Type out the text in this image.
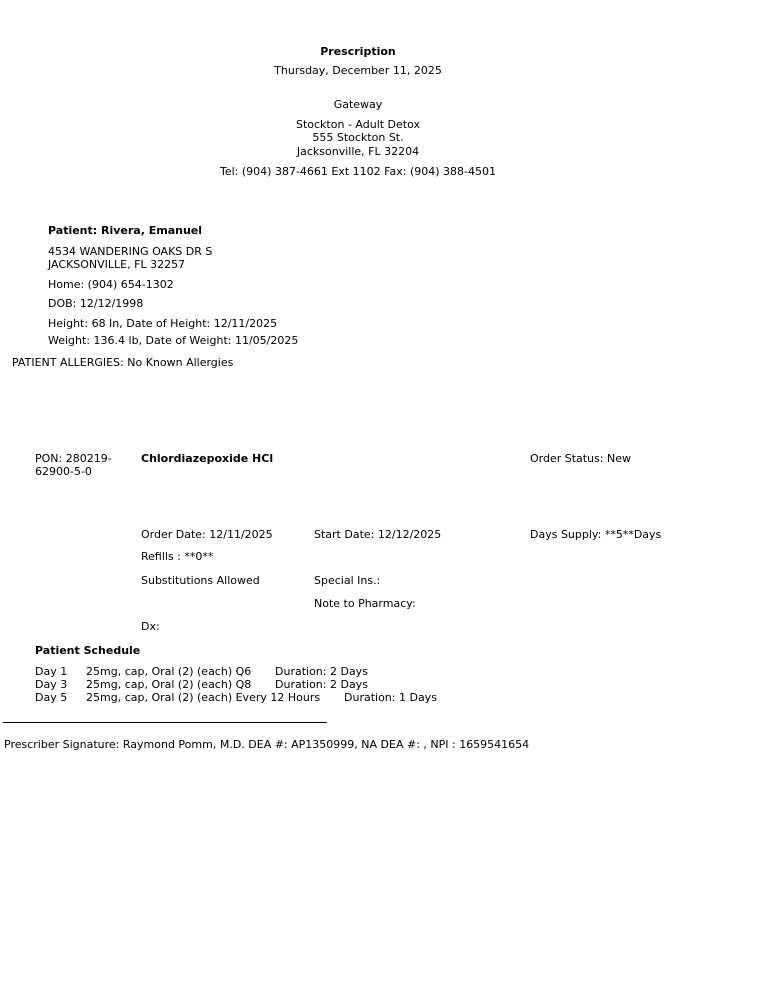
Prescription
Thursday, December 11, 2025
Gateway
Stockton - Adult Detox
555 Stockton St.
Jacksonville, FL 32204
Tel: (904) 387-4661 Ext 1102 Fax: (904) 388-4501
Patient: Rivera, Emanuel
4534 WANDERING OAKS DR S
JACKSONVILLE, FL 32257
Home: (904) 654-1302
DOB: 12/12/1998
Height: 68 In, Date of Height: 12/11/2025
Weight: 136.4 lb, Date of Weight: 11/05/2025
PATIENT ALLERGIES: No Known Allergies
PON: 280219-
62900-5-0
Chlordiazepoxide HCl	Order Status: New
Order Date: 12/11/2025	Start Date: 12/12/2025	Days Supply: **5**Days
Refills : **0**
Substitutions Allowed	Special Ins.:
Note to Pharmacy:
Dx:
Patient Schedule
Day 1 25mg, cap, Oral (2) (each) Q6 Duration: 2 Days
Day 3 25mg, cap, Oral (2) (each) Q8 Duration: 2 Days
Day 5 25mg, cap, Oral (2) (each) Every 12 Hours Duration: 1 Days
Prescriber Signature: Raymond Pomm, M.D. DEA #: AP1350999, NA DEA #: , NPI : 1659541654
